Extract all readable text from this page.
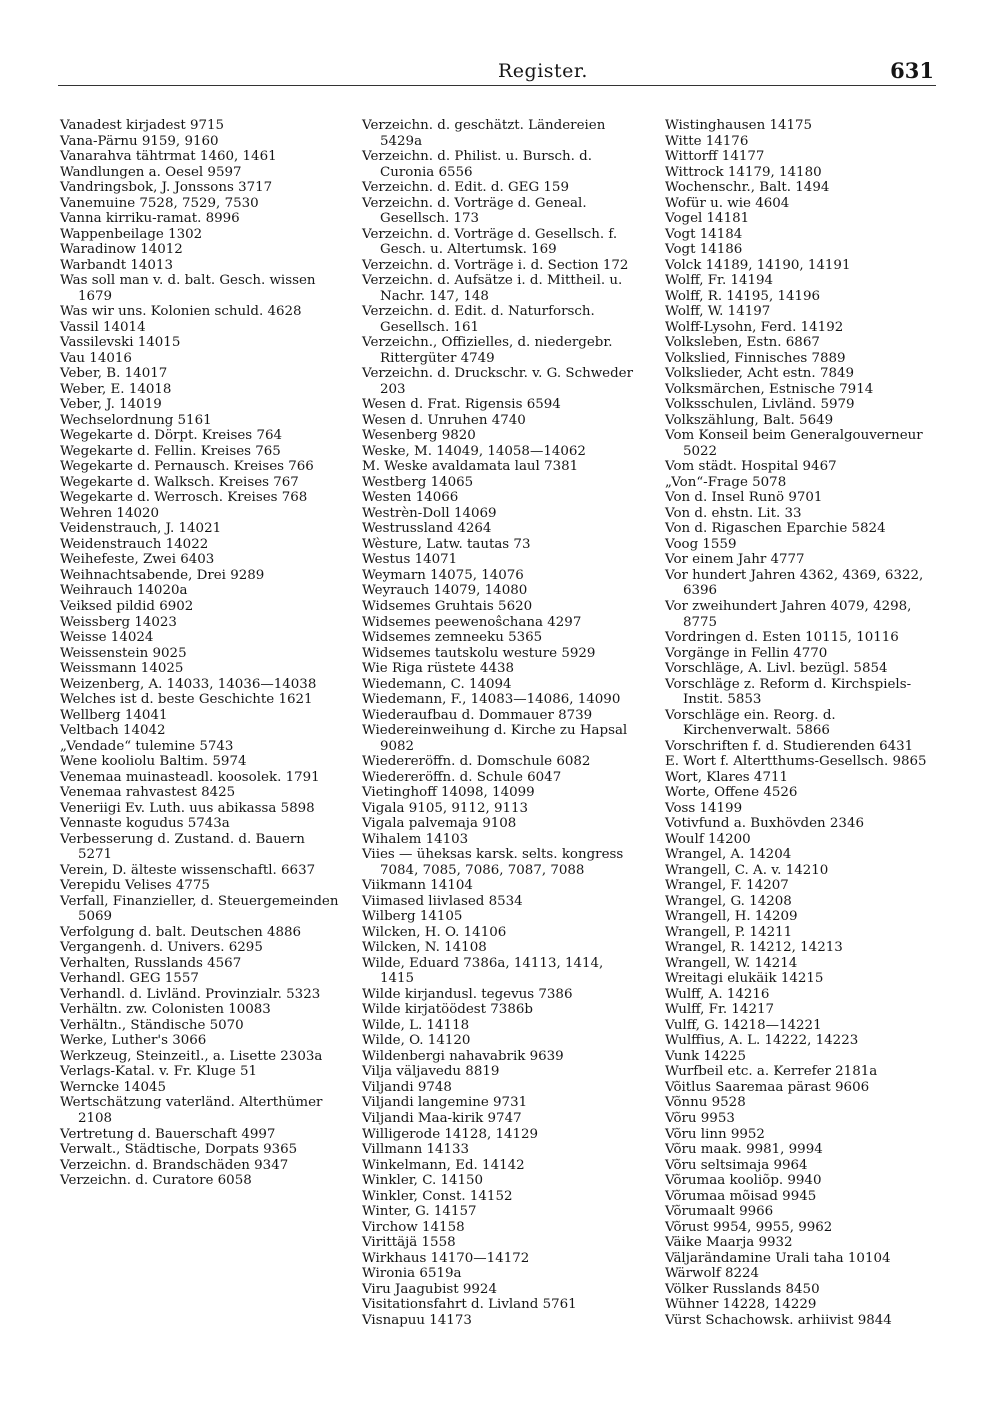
Register.	631
Vanadest kirjadest 9715
Vana-Pärnu 9159, 9160
Vanarahva tähtrmat 1460, 1461
Wandlungen a. Oesel 9597
Vandringsbok, J. Jonssons 3717
Vanemuine 7528, 7529, 7530
Vanna kirriku-ramat. 8996
Wappenbeilage 1302
Waradinow 14012
Warbandt 14013
Was soll man v. d. balt. Gesch. wissen 1679
Was wir uns. Kolonien schuld. 4628
Vassil 14014
Vassilevski 14015
Vau 14016
Veber, B. 14017
Weber, E. 14018
Veber, J. 14019
Wechselordnung 5161
Wegekarte d. Dörpt. Kreises 764
Wegekarte d. Fellin. Kreises 765
Wegekarte d. Pernausch. Kreises 766
Wegekarte d. Walksch. Kreises 767
Wegekarte d. Werrosch. Kreises 768
Wehren 14020
Veidenstrauch, J. 14021
Weidenstrauch 14022
Weihefeste, Zwei 6403
Weihnachtsabende, Drei 9289
Weihrauch 14020a
Veiksed pildid 6902
Weissberg 14023
Weisse 14024
Weissenstein 9025
Weissmann 14025
Weizenberg, A. 14033, 14036—14038
Welches ist d. beste Geschichte 1621
Wellberg 14041
Veltbach 14042
„Vendade“ tulemine 5743
Wene kooliolu Baltim. 5974
Venemaa muinasteadl. koosolek. 1791
Venemaa rahvastest 8425
Veneriigi Ev. Luth. uus abikassa 5898
Vennaste kogudus 5743a
Verbesserung d. Zustand. d. Bauern 5271
Verein, D. älteste wissenschaftl. 6637
Verepidu Velises 4775
Verfall, Finanzieller, d. Steuergemeinden 5069
Verfolgung d. balt. Deutschen 4886
Vergangenh. d. Univers. 6295
Verhalten, Russlands 4567
Verhandl. GEG 1557
Verhandl. d. Livländ. Provinzialr. 5323
Verhältn. zw. Colonisten 10083
Verhältn., Ständische 5070
Werke, Luther's 3066
Werkzeug, Steinzeitl., a. Lisette 2303a
Verlags-Katal. v. Fr. Kluge 51
Werncke 14045
Wertschätzung vaterländ. Alterthümer 2108
Vertretung d. Bauerschaft 4997
Verwalt., Städtische, Dorpats 9365
Verzeichn. d. Brandschäden 9347
Verzeichn. d. Curatore 6058
Verzeichn. d. geschätzt. Ländereien 5429a
Verzeichn. d. Philist. u. Bursch. d. Curonia 6556
Verzeichn. d. Edit. d. GEG 159
Verzeichn. d. Vorträge d. Geneal. Gesellsch. 173
Verzeichn. d. Vorträge d. Gesellsch. f. Gesch. u. Altertumsk. 169
Verzeichn. d. Vorträge i. d. Section 172
Verzeichn. d. Aufsätze i. d. Mittheil. u. Nachr. 147, 148
Verzeichn. d. Edit. d. Naturforsch. Gesellsch. 161
Verzeichn., Offizielles, d. niedergebr. Rittergüter 4749
Verzeichn. d. Druckschr. v. G. Schweder 203
Wesen d. Frat. Rigensis 6594
Wesen d. Unruhen 4740
Wesenberg 9820
Weske, M. 14049, 14058—14062
M. Weske avaldamata laul 7381
Westberg 14065
Westen 14066
Westrèn-Doll 14069
Westrussland 4264
Wèsture, Latw. tautas 73
Westus 14071
Weymarn 14075, 14076
Weyrauch 14079, 14080
Widsemes Gruhtais 5620
Widsemes peewenoŝchana 4297
Widsemes zemneeku 5365
Widsemes tautskolu westure 5929
Wie Riga rüstete 4438
Wiedemann, C. 14094
Wiedemann, F., 14083—14086, 14090
Wiederaufbau d. Dommauer 8739
Wiedereinweihung d. Kirche zu Hapsal 9082
Wiedereröffn. d. Domschule 6082
Wiedereröffn. d. Schule 6047
Vietinghoff 14098, 14099
Vigala 9105, 9112, 9113
Vigala palvemaja 9108
Wihalem 14103
Viies — üheksas karsk. selts. kongress 7084, 7085, 7086, 7087, 7088
Viikmann 14104
Viimased liivlased 8534
Wilberg 14105
Wilcken, H. O. 14106
Wilcken, N. 14108
Wilde, Eduard 7386a, 14113, 1414, 1415
Wilde kirjandusl. tegevus 7386
Wilde kirjatöödest 7386b
Wilde, L. 14118
Wilde, O. 14120
Wildenbergi nahavabrik 9639
Vilja väljavedu 8819
Viljandi 9748
Viljandi langemine 9731
Viljandi Maa-kirik 9747
Willigerode 14128, 14129
Villmann 14133
Winkelmann, Ed. 14142
Winkler, C. 14150
Winkler, Const. 14152
Winter, G. 14157
Virchow 14158
Virittäjä 1558
Wirkhaus 14170—14172
Wironia 6519a
Viru Jaagubist 9924
Visitationsfahrt d. Livland 5761
Visnapuu 14173
Wistinghausen 14175
Witte 14176
Wittorff 14177
Wittrock 14179, 14180
Wochenschr., Balt. 1494
Wofür u. wie 4604
Vogel 14181
Vogt 14184
Vogt 14186
Volck 14189, 14190, 14191
Wolff, Fr. 14194
Wolff, R. 14195, 14196
Wolff, W. 14197
Wolff-Lysohn, Ferd. 14192
Volksleben, Estn. 6867
Volkslied, Finnisches 7889
Volkslieder, Acht estn. 7849
Volksmärchen, Estnische 7914
Volksschulen, Livländ. 5979
Volkszählung, Balt. 5649
Vom Konseil beim Generalgouverneur 5022
Vom städt. Hospital 9467
„Von“-Frage 5078
Von d. Insel Runö 9701
Von d. ehstn. Lit. 33
Von d. Rigaschen Eparchie 5824
Voog 1559
Vor einem Jahr 4777
Vor hundert Jahren 4362, 4369, 6322, 6396
Vor zweihundert Jahren 4079, 4298, 8775
Vordringen d. Esten 10115, 10116
Vorgänge in Fellin 4770
Vorschläge, A. Livl. bezügl. 5854
Vorschläge z. Reform d. Kirchspiels-Instit. 5853
Vorschläge ein. Reorg. d. Kirchenverwalt. 5866
Vorschriften f. d. Studierenden 6431
E. Wort f. Altertthums-Gesellsch. 9865
Wort, Klares 4711
Worte, Offene 4526
Voss 14199
Votivfund a. Buxhövden 2346
Woulf 14200
Wrangel, A. 14204
Wrangell, C. A. v. 14210
Wrangel, F. 14207
Wrangel, G. 14208
Wrangell, H. 14209
Wrangell, P. 14211
Wrangel, R. 14212, 14213
Wrangell, W. 14214
Wreitagi elukäik 14215
Wulff, A. 14216
Wulff, Fr. 14217
Vulff, G. 14218—14221
Wulffius, A. L. 14222, 14223
Vunk 14225
Wurfbeil etc. a. Kerrefer 2181a
Võitlus Saaremaa pärast 9606
Võnnu 9528
Võru 9953
Võru linn 9952
Võru maak. 9981, 9994
Võru seltsimaja 9964
Võrumaa kooliõp. 9940
Võrumaa mõisad 9945
Võrumaalt 9966
Võrust 9954, 9955, 9962
Väike Maarja 9932
Väljarändamine Urali taha 10104
Wärwolf 8224
Völker Russlands 8450
Wühner 14228, 14229
Vürst Schachowsk. arhiivist 9844
